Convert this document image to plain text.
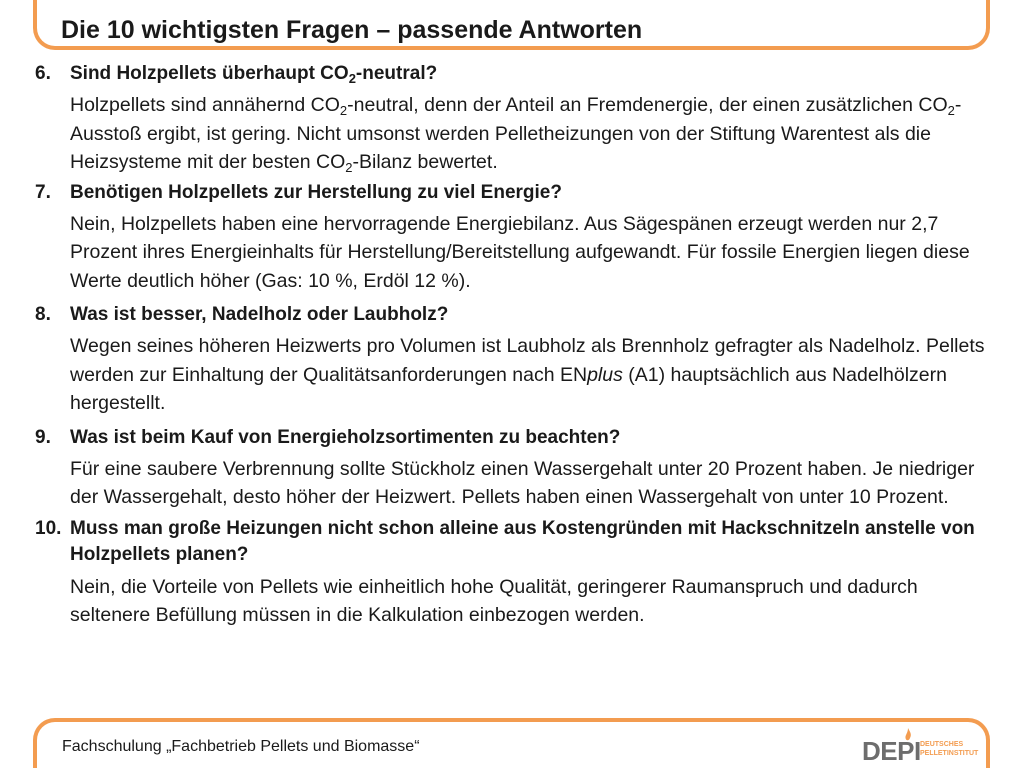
Die 10 wichtigsten Fragen – passende Antworten
6.	Sind Holzpellets überhaupt $CO_2$-neutral?
Holzpellets sind annähernd $CO_2$-neutral, denn der Anteil an Fremdenergie, der einen zusätzlichen $CO_2$-Ausstoß ergibt, ist gering. Nicht umsonst werden Pelletheizungen von der Stiftung Warentest als die Heizsysteme mit der besten $CO_2$-Bilanz bewertet.
7.	Benötigen Holzpellets zur Herstellung zu viel Energie?
Nein, Holzpellets haben eine hervorragende Energiebilanz. Aus Sägespänen erzeugt werden nur 2,7 Prozent ihres Energieinhalts für Herstellung/Bereitstellung aufgewandt. Für fossile Energien liegen diese Werte deutlich höher (Gas: 10 %, Erdöl 12 %).
8.	Was ist besser, Nadelholz oder Laubholz?
Wegen seines höheren Heizwerts pro Volumen ist Laubholz als Brennholz gefragter als Nadelholz. Pellets werden zur Einhaltung der Qualitätsanforderungen nach ENplus (A1) hauptsächlich aus Nadelhölzern hergestellt.
9.	Was ist beim Kauf von Energieholzsortimenten zu beachten?
Für eine saubere Verbrennung sollte Stückholz einen Wassergehalt unter 20 Prozent haben. Je niedriger der Wassergehalt, desto höher der Heizwert. Pellets haben einen Wassergehalt von unter 10 Prozent.
10. Muss man große Heizungen nicht schon alleine aus Kostengründen mit Hackschnitzeln anstelle von Holzpellets planen?
Nein, die Vorteile von Pellets wie einheitlich hohe Qualität, geringerer Raumanspruch und dadurch seltenere Befüllung müssen in die Kalkulation einbezogen werden.
Fachschulung „Fachbetrieb Pellets und Biomasse“	DEPI DEUTSCHES
PELLETINSTITUT
